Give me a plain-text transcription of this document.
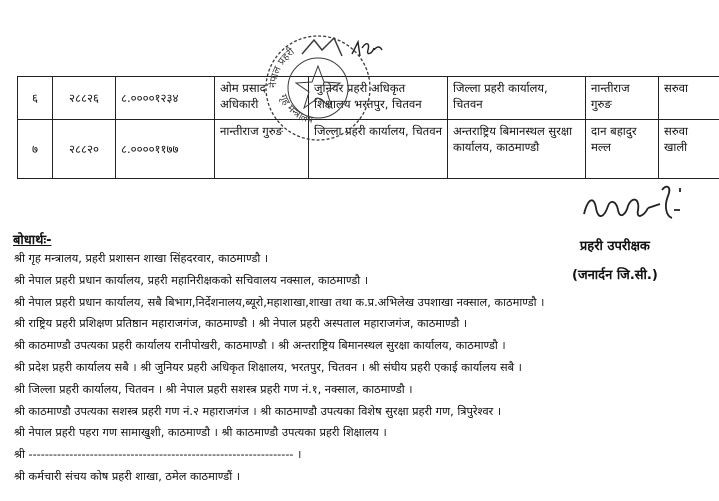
६	२८८२६	८.००००१२३४	ओम प्रसाद अधिकारी	जुनियर प्रहरी अधिकृत शिक्षालय भरतपुर, चितवन	जिल्ला प्रहरी कार्यालय, चितवन	नान्तीराज गुरुङ	सरुवा
७	२८८२०	८.००००११७७	नान्तीराज गुरुङ	जिल्ला प्रहरी कार्यालय, चितवन	अन्तराष्ट्रिय बिमानस्थल सुरक्षा कार्यालय, काठमाण्डौ	दान बहादुर मल्ल	सरुवा खाली
नेपाल प्रहरी
गृह मन्त्रालय
प्रहरी उपरीक्षक
(जनार्दन जि.सी.)
बोधार्थः-
श्री गृह मन्त्रालय, प्रहरी प्रशासन शाखा सिंहदरवार, काठमाण्डौ ।
श्री नेपाल प्रहरी प्रधान कार्यालय, प्रहरी महानिरीक्षकको सचिवालय नक्साल, काठमाण्डौ ।
श्री नेपाल प्रहरी प्रधान कार्यालय, सबै बिभाग,निर्देशनालय,ब्यूरो,महाशाखा,शाखा तथा क.प्र.अभिलेख उपशाखा नक्साल, काठमाण्डौ ।
श्री राष्ट्रिय प्रहरी प्रशिक्षण प्रतिष्ठान महाराजगंज, काठमाण्डौ । श्री नेपाल प्रहरी अस्पताल महाराजगंज, काठमाण्डौ ।
श्री काठमाण्डौ उपत्यका प्रहरी कार्यालय रानीपोखरी, काठमाण्डौ । श्री अन्तराष्ट्रिय बिमानस्थल सुरक्षा कार्यालय, काठमाण्डौ ।
श्री प्रदेश प्रहरी कार्यालय सबै । श्री जुनियर प्रहरी अधिकृत शिक्षालय, भरतपुर, चितवन । श्री संघीय प्रहरी एकाई कार्यालय सबै ।
श्री जिल्ला प्रहरी कार्यालय, चितवन । श्री नेपाल प्रहरी सशस्त्र प्रहरी गण नं.१, नक्साल, काठमाण्डौ ।
श्री काठमाण्डौ उपत्यका सशस्त्र प्रहरी गण नं.२ महाराजगंज । श्री काठमाण्डौ उपत्यका विशेष सुरक्षा प्रहरी गण, त्रिपुरेश्वर ।
श्री नेपाल प्रहरी पहरा गण सामाखुशी, काठमाण्डौ । श्री काठमाण्डौ उपत्यका प्रहरी शिक्षालय ।
श्री ----------------------------------------------------------------- ।
श्री कर्मचारी संचय कोष प्रहरी शाखा, ठमेल काठमाण्डौं ।
